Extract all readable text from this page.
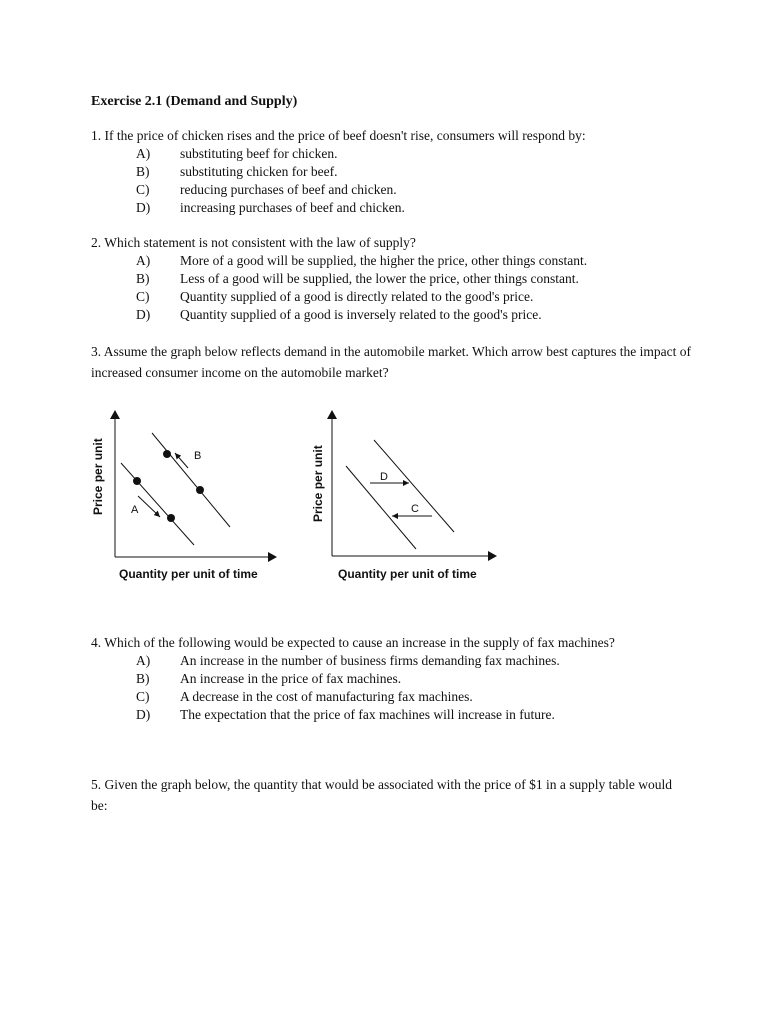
Exercise 2.1 (Demand and Supply)
1. If the price of chicken rises and the price of beef doesn't rise, consumers will respond by:
A) substituting beef for chicken.
B) substituting chicken for beef.
C) reducing purchases of beef and chicken.
D) increasing purchases of beef and chicken.
2. Which statement is not consistent with the law of supply?
A) More of a good will be supplied, the higher the price, other things constant.
B) Less of a good will be supplied, the lower the price, other things constant.
C) Quantity supplied of a good is directly related to the good's price.
D) Quantity supplied of a good is inversely related to the good's price.
3. Assume the graph below reflects demand in the automobile market. Which arrow best captures the impact of increased consumer income on the automobile market?
A
B
Price per unit
Quantity per unit of time
D
C
Price per unit
Quantity per unit of time
4. Which of the following would be expected to cause an increase in the supply of fax machines?
A) An increase in the number of business firms demanding fax machines.
B) An increase in the price of fax machines.
C) A decrease in the cost of manufacturing fax machines.
D) The expectation that the price of fax machines will increase in future.
5. Given the graph below, the quantity that would be associated with the price of $1 in a supply table would be:
